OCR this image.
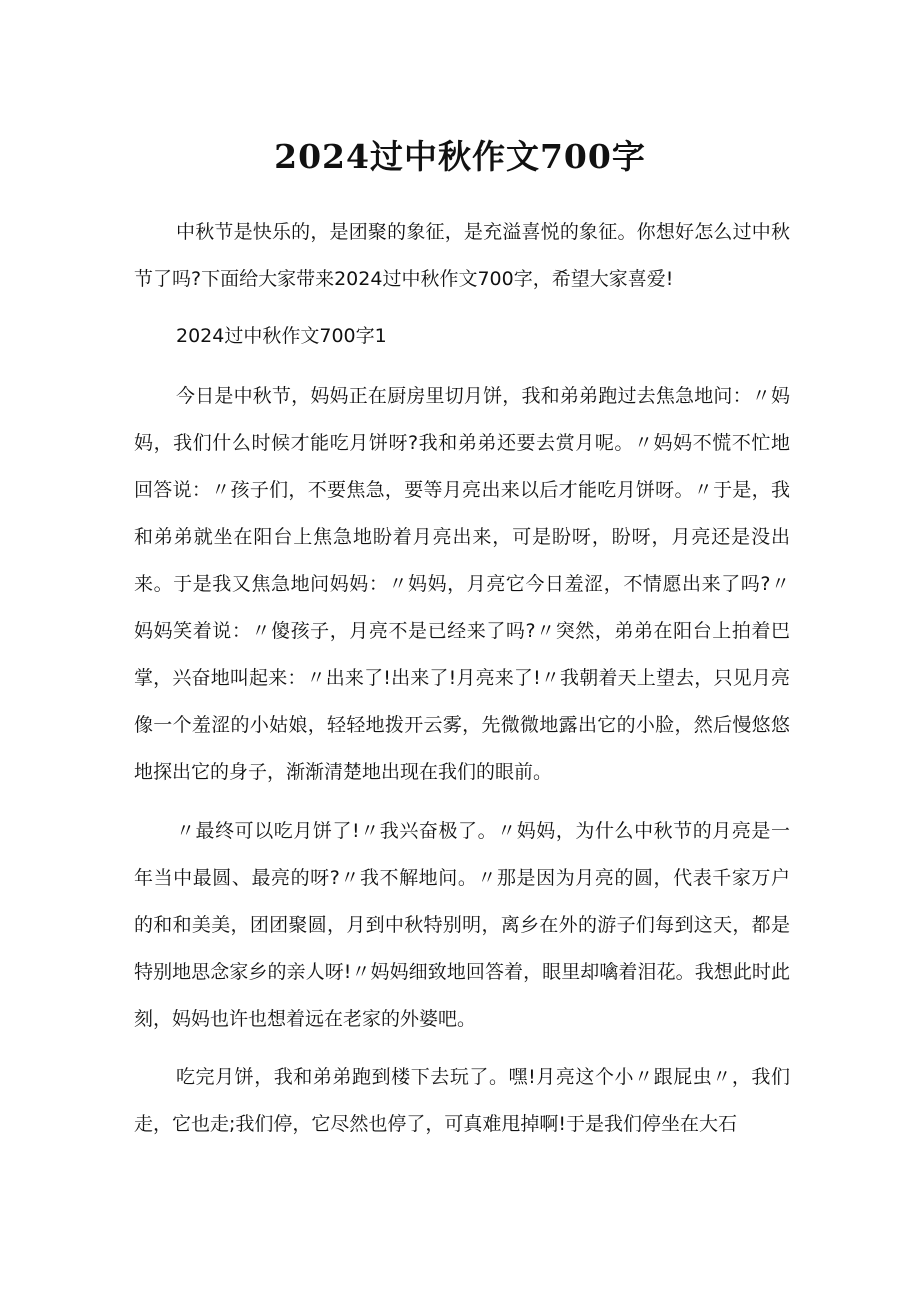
2024过中秋作文700字

中秋节是快乐的，是团聚的象征，是充溢喜悦的象征。你想好怎么过中秋节了吗?下面给大家带来2024过中秋作文700字，希望大家喜爱!

2024过中秋作文700字1

今日是中秋节，妈妈正在厨房里切月饼，我和弟弟跑过去焦急地问：〃妈妈，我们什么时候才能吃月饼呀?我和弟弟还要去赏月呢。〃妈妈不慌不忙地回答说：〃孩子们，不要焦急，要等月亮出来以后才能吃月饼呀。〃于是，我和弟弟就坐在阳台上焦急地盼着月亮出来，可是盼呀，盼呀，月亮还是没出来。于是我又焦急地问妈妈：〃妈妈，月亮它今日羞涩，不情愿出来了吗?〃妈妈笑着说：〃傻孩子，月亮不是已经来了吗?〃突然，弟弟在阳台上拍着巴掌，兴奋地叫起来：〃出来了!出来了!月亮来了!〃我朝着天上望去，只见月亮像一个羞涩的小姑娘，轻轻地拨开云雾，先微微地露出它的小脸，然后慢悠悠地探出它的身子，渐渐清楚地出现在我们的眼前。

〃最终可以吃月饼了!〃我兴奋极了。〃妈妈，为什么中秋节的月亮是一年当中最圆、最亮的呀?〃我不解地问。〃那是因为月亮的圆，代表千家万户的和和美美，团团聚圆，月到中秋特别明，离乡在外的游子们每到这天，都是特别地思念家乡的亲人呀!〃妈妈细致地回答着，眼里却噙着泪花。我想此时此刻，妈妈也许也想着远在老家的外婆吧。

吃完月饼，我和弟弟跑到楼下去玩了。嘿!月亮这个小〃跟屁虫〃，我们走，它也走;我们停，它尽然也停了，可真难甩掉啊!于是我们停坐在大石
